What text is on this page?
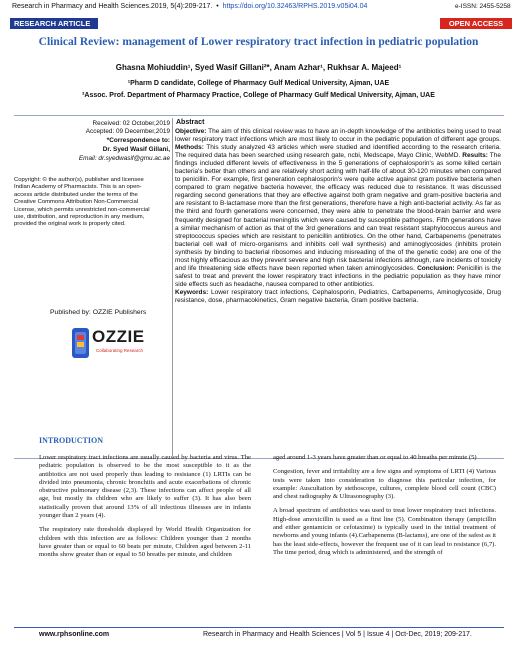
Research in Pharmacy and Health Sciences.2019, 5(4):209-217.  •  https://doi.org/10.32463/RPHS.2019.v05i04.04	e-ISSN: 2455-5258
RESEARCH ARTICLE	OPEN ACCESS
Clinical Review: management of Lower respiratory tract infection in pediatric population
Ghasna Mohiuddin¹, Syed Wasif Gillani²*, Anam Azhar¹, Rukhsar A. Majeed¹
¹Pharm D candidate, College of Pharmacy Gulf Medical University, Ajman, UAE
²Assoc. Prof. Department of Pharmacy Practice, College of Pharmacy Gulf Medical University, Ajman, UAE
Received: 02 October,2019
Accepted: 09 December,2019
*Correspondence to:
Dr. Syed Wasif Gillani,
Email: dr.syedwasif@gmu.ac.ae
Copyright: © the author(s), publisher and licensee Indian Academy of Pharmacists. This is an open-access article distributed under the terms of the Creative Commons Attribution Non-Commercial License, which permits unrestricted non-commercial use, distribution, and reproduction in any medium, provided the original work is properly cited.
Published by: OZZIE Publishers
OZZIE
Collaborating Research
Abstract
Objective: The aim of this clinical review was to have an in-depth knowledge of the antibiotics being used to treat lower respiratory tract infections which are most likely to occur in the pediatric population of different age groups. Methods: This study analyzed 43 articles which were studied and identified according to the research criteria. The required data has been searched using research gate, ncbi, Medscape, Mayo Clinic, WebMD. Results: The findings included different levels of effectiveness in the 5 generations of cephalosporin's as some killed certain bacteria's better than others and are relatively short acting with half-life of about 30-120 minutes when compared to penicillin. For example, first generation cephalosporin's were quite active against gram positive bacteria when compared to gram negative bacteria however, the efficacy was reduced due to resistance. It was discussed regarding second generations that they are effective against both gram negative and gram-positive bacteria and are resistant to B-lactamase more than the first generations, therefore have a high anti-bacterial activity. As far as the third and fourth generations were concerned, they were able to penetrate the blood-brain barrier and were frequently designed for bacterial meningitis which were caused by susceptible pathogens. Fifth generations have a similar mechanism of action as that of the 3rd generations and can treat resistant staphylococcus aureus and streptococcus species which are resistant to penicillin antibiotics. On the other hand, Carbapenems (penetrates bacterial cell wall of micro-organisms and inhibits cell wall synthesis) and aminoglycosides (inhibits protein synthesis by binding to bacterial ribosomes and inducing misreading of the of the genetic code) are one of the most highly efficacious as they prevent severe and high risk bacterial infections although, rare incidents of toxicity and life threatening side effects have been reported when taken aminoglycosides. Conclusion: Penicillin is the safest to treat and prevent the lower respiratory tract infections in the pediatric population as they have minor side effects such as headache, nausea compared to other antibiotics.
Keywords: Lower respiratory tract infections, Cephalosporin, Pediatrics, Carbapenems, Aminoglycoside, Drug resistance, dose, pharmacokinetics, Gram negative bacteria, Gram positive bacteria.
INTRODUCTION

Lower respiratory tract infections are usually caused by bacteria and virus. The pediatric population is observed to be the most susceptible to it as the antibiotics are not used properly thus leading to resistance (1) LRTIs can be divided into pneumonia, chronic bronchitis and acute exacerbations of chronic obstructive pulmonary disease (2,3). These infections can affect people of all age, but mostly its children who are likely to suffer (3). It has also been statistically proven that around 13% of all infectious illnesses are in infants younger than 2 years (4).

The respiratory rate thresholds displayed by World Health Organization for children with this infection are as follows: Children younger than 2 months have greater than or equal to 60 beats per minute, Children aged between 2-11 months show greater than or equal to 50 breaths per minute, and children

aged around 1-3 years have greater than or equal to 40 breaths per minute (5)

Congestion, fever and irritability are a few signs and symptoms of LRTI (4) Various tests were taken into consideration to diagnose this particular infection, for example: Auscultation by stethoscope, cultures, complete blood cell count (CBC) and chest radiography & Ultrasonography (3).

A broad spectrum of antibiotics was used to treat lower respiratory tract infections. High-dose amoxicillin is used as a first line (5). Combination therapy (ampicillin and either gentamicin or cefotaxime) is typically used in the initial treatment of newborns and young infants (4).Carbapenems (B-lactams), are one of the safest as it has the least side-effects, however the frequent use of it can lead to resistance (6,7). The time period, drug which is administered, and the strength of

www.rphsonline.com	Research in Pharmacy and Health Sciences | Vol 5 | Issue 4 | Oct-Dec, 2019; 209-217.
